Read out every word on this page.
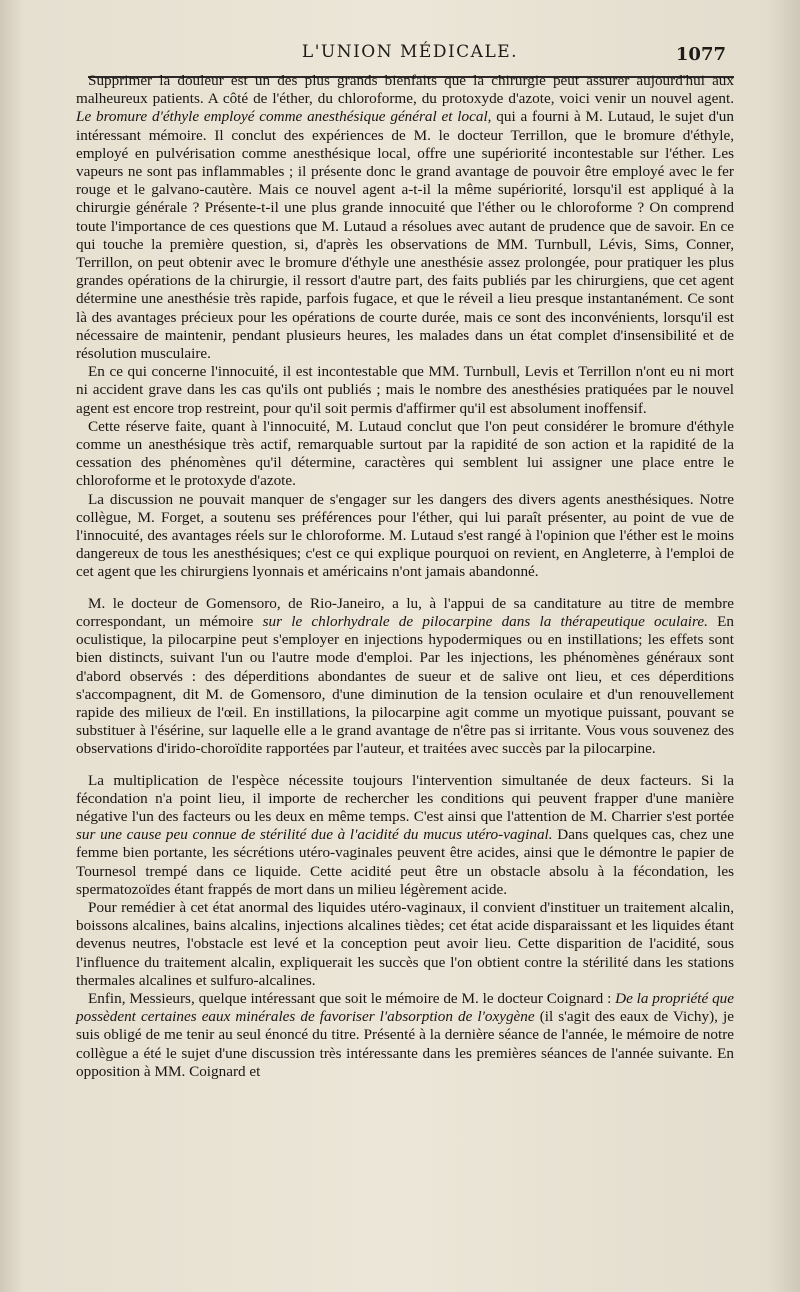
L'UNION MÉDICALE.	1077

Supprimer la douleur est un des plus grands bienfaits que la chirurgie peut assurer aujourd'hui aux malheureux patients. A côté de l'éther, du chloroforme, du protoxyde d'azote, voici venir un nouvel agent. Le bromure d'éthyle employé comme anesthésique général et local, qui a fourni à M. Lutaud, le sujet d'un intéressant mémoire. Il conclut des expériences de M. le docteur Terrillon, que le bromure d'éthyle, employé en pulvérisation comme anesthésique local, offre une supériorité incontestable sur l'éther. Les vapeurs ne sont pas inflammables ; il présente donc le grand avantage de pouvoir être employé avec le fer rouge et le galvano-cautère. Mais ce nouvel agent a-t-il la même supériorité, lorsqu'il est appliqué à la chirurgie générale ? Présente-t-il une plus grande innocuité que l'éther ou le chloroforme ? On comprend toute l'importance de ces questions que M. Lutaud a résolues avec autant de prudence que de savoir. En ce qui touche la première question, si, d'après les observations de MM. Turnbull, Lévis, Sims, Conner, Terrillon, on peut obtenir avec le bromure d'éthyle une anesthésie assez prolongée, pour pratiquer les plus grandes opérations de la chirurgie, il ressort d'autre part, des faits publiés par les chirurgiens, que cet agent détermine une anesthésie très rapide, parfois fugace, et que le réveil a lieu presque instantanément. Ce sont là des avantages précieux pour les opérations de courte durée, mais ce sont des inconvénients, lorsqu'il est nécessaire de maintenir, pendant plusieurs heures, les malades dans un état complet d'insensibilité et de résolution musculaire.

En ce qui concerne l'innocuité, il est incontestable que MM. Turnbull, Levis et Terrillon n'ont eu ni mort ni accident grave dans les cas qu'ils ont publiés ; mais le nombre des anesthésies pratiquées par le nouvel agent est encore trop restreint, pour qu'il soit permis d'affirmer qu'il est absolument inoffensif.

Cette réserve faite, quant à l'innocuité, M. Lutaud conclut que l'on peut considérer le bromure d'éthyle comme un anesthésique très actif, remarquable surtout par la rapidité de son action et la rapidité de la cessation des phénomènes qu'il détermine, caractères qui semblent lui assigner une place entre le chloroforme et le protoxyde d'azote.

La discussion ne pouvait manquer de s'engager sur les dangers des divers agents anesthésiques. Notre collègue, M. Forget, a soutenu ses préférences pour l'éther, qui lui paraît présenter, au point de vue de l'innocuité, des avantages réels sur le chloroforme. M. Lutaud s'est rangé à l'opinion que l'éther est le moins dangereux de tous les anesthésiques; c'est ce qui explique pourquoi on revient, en Angleterre, à l'emploi de cet agent que les chirurgiens lyonnais et américains n'ont jamais abandonné.

M. le docteur de Gomensoro, de Rio-Janeiro, a lu, à l'appui de sa canditature au titre de membre correspondant, un mémoire sur le chlorhydrale de pilocarpine dans la thérapeutique oculaire. En oculistique, la pilocarpine peut s'employer en injections hypodermiques ou en instillations; les effets sont bien distincts, suivant l'un ou l'autre mode d'emploi. Par les injections, les phénomènes généraux sont d'abord observés : des déperditions abondantes de sueur et de salive ont lieu, et ces déperditions s'accompagnent, dit M. de Gomensoro, d'une diminution de la tension oculaire et d'un renouvellement rapide des milieux de l'œil. En instillations, la pilocarpine agit comme un myotique puissant, pouvant se substituer à l'ésérine, sur laquelle elle a le grand avantage de n'être pas si irritante. Vous vous souvenez des observations d'irido-choroïdite rapportées par l'auteur, et traitées avec succès par la pilocarpine.

La multiplication de l'espèce nécessite toujours l'intervention simultanée de deux facteurs. Si la fécondation n'a point lieu, il importe de rechercher les conditions qui peuvent frapper d'une manière négative l'un des facteurs ou les deux en même temps. C'est ainsi que l'attention de M. Charrier s'est portée sur une cause peu connue de stérilité due à l'acidité du mucus utéro-vaginal. Dans quelques cas, chez une femme bien portante, les sécrétions utéro-vaginales peuvent être acides, ainsi que le démontre le papier de Tournesol trempé dans ce liquide. Cette acidité peut être un obstacle absolu à la fécondation, les spermatozoïdes étant frappés de mort dans un milieu légèrement acide.

Pour remédier à cet état anormal des liquides utéro-vaginaux, il convient d'instituer un traitement alcalin, boissons alcalines, bains alcalins, injections alcalines tièdes; cet état acide disparaissant et les liquides étant devenus neutres, l'obstacle est levé et la conception peut avoir lieu. Cette disparition de l'acidité, sous l'influence du traitement alcalin, expliquerait les succès que l'on obtient contre la stérilité dans les stations thermales alcalines et sulfuro-alcalines.

Enfin, Messieurs, quelque intéressant que soit le mémoire de M. le docteur Coignard : De la propriété que possèdent certaines eaux minérales de favoriser l'absorption de l'oxygène (il s'agit des eaux de Vichy), je suis obligé de me tenir au seul énoncé du titre. Présenté à la dernière séance de l'année, le mémoire de notre collègue a été le sujet d'une discussion très intéressante dans les premières séances de l'année suivante. En opposition à MM. Coignard et
